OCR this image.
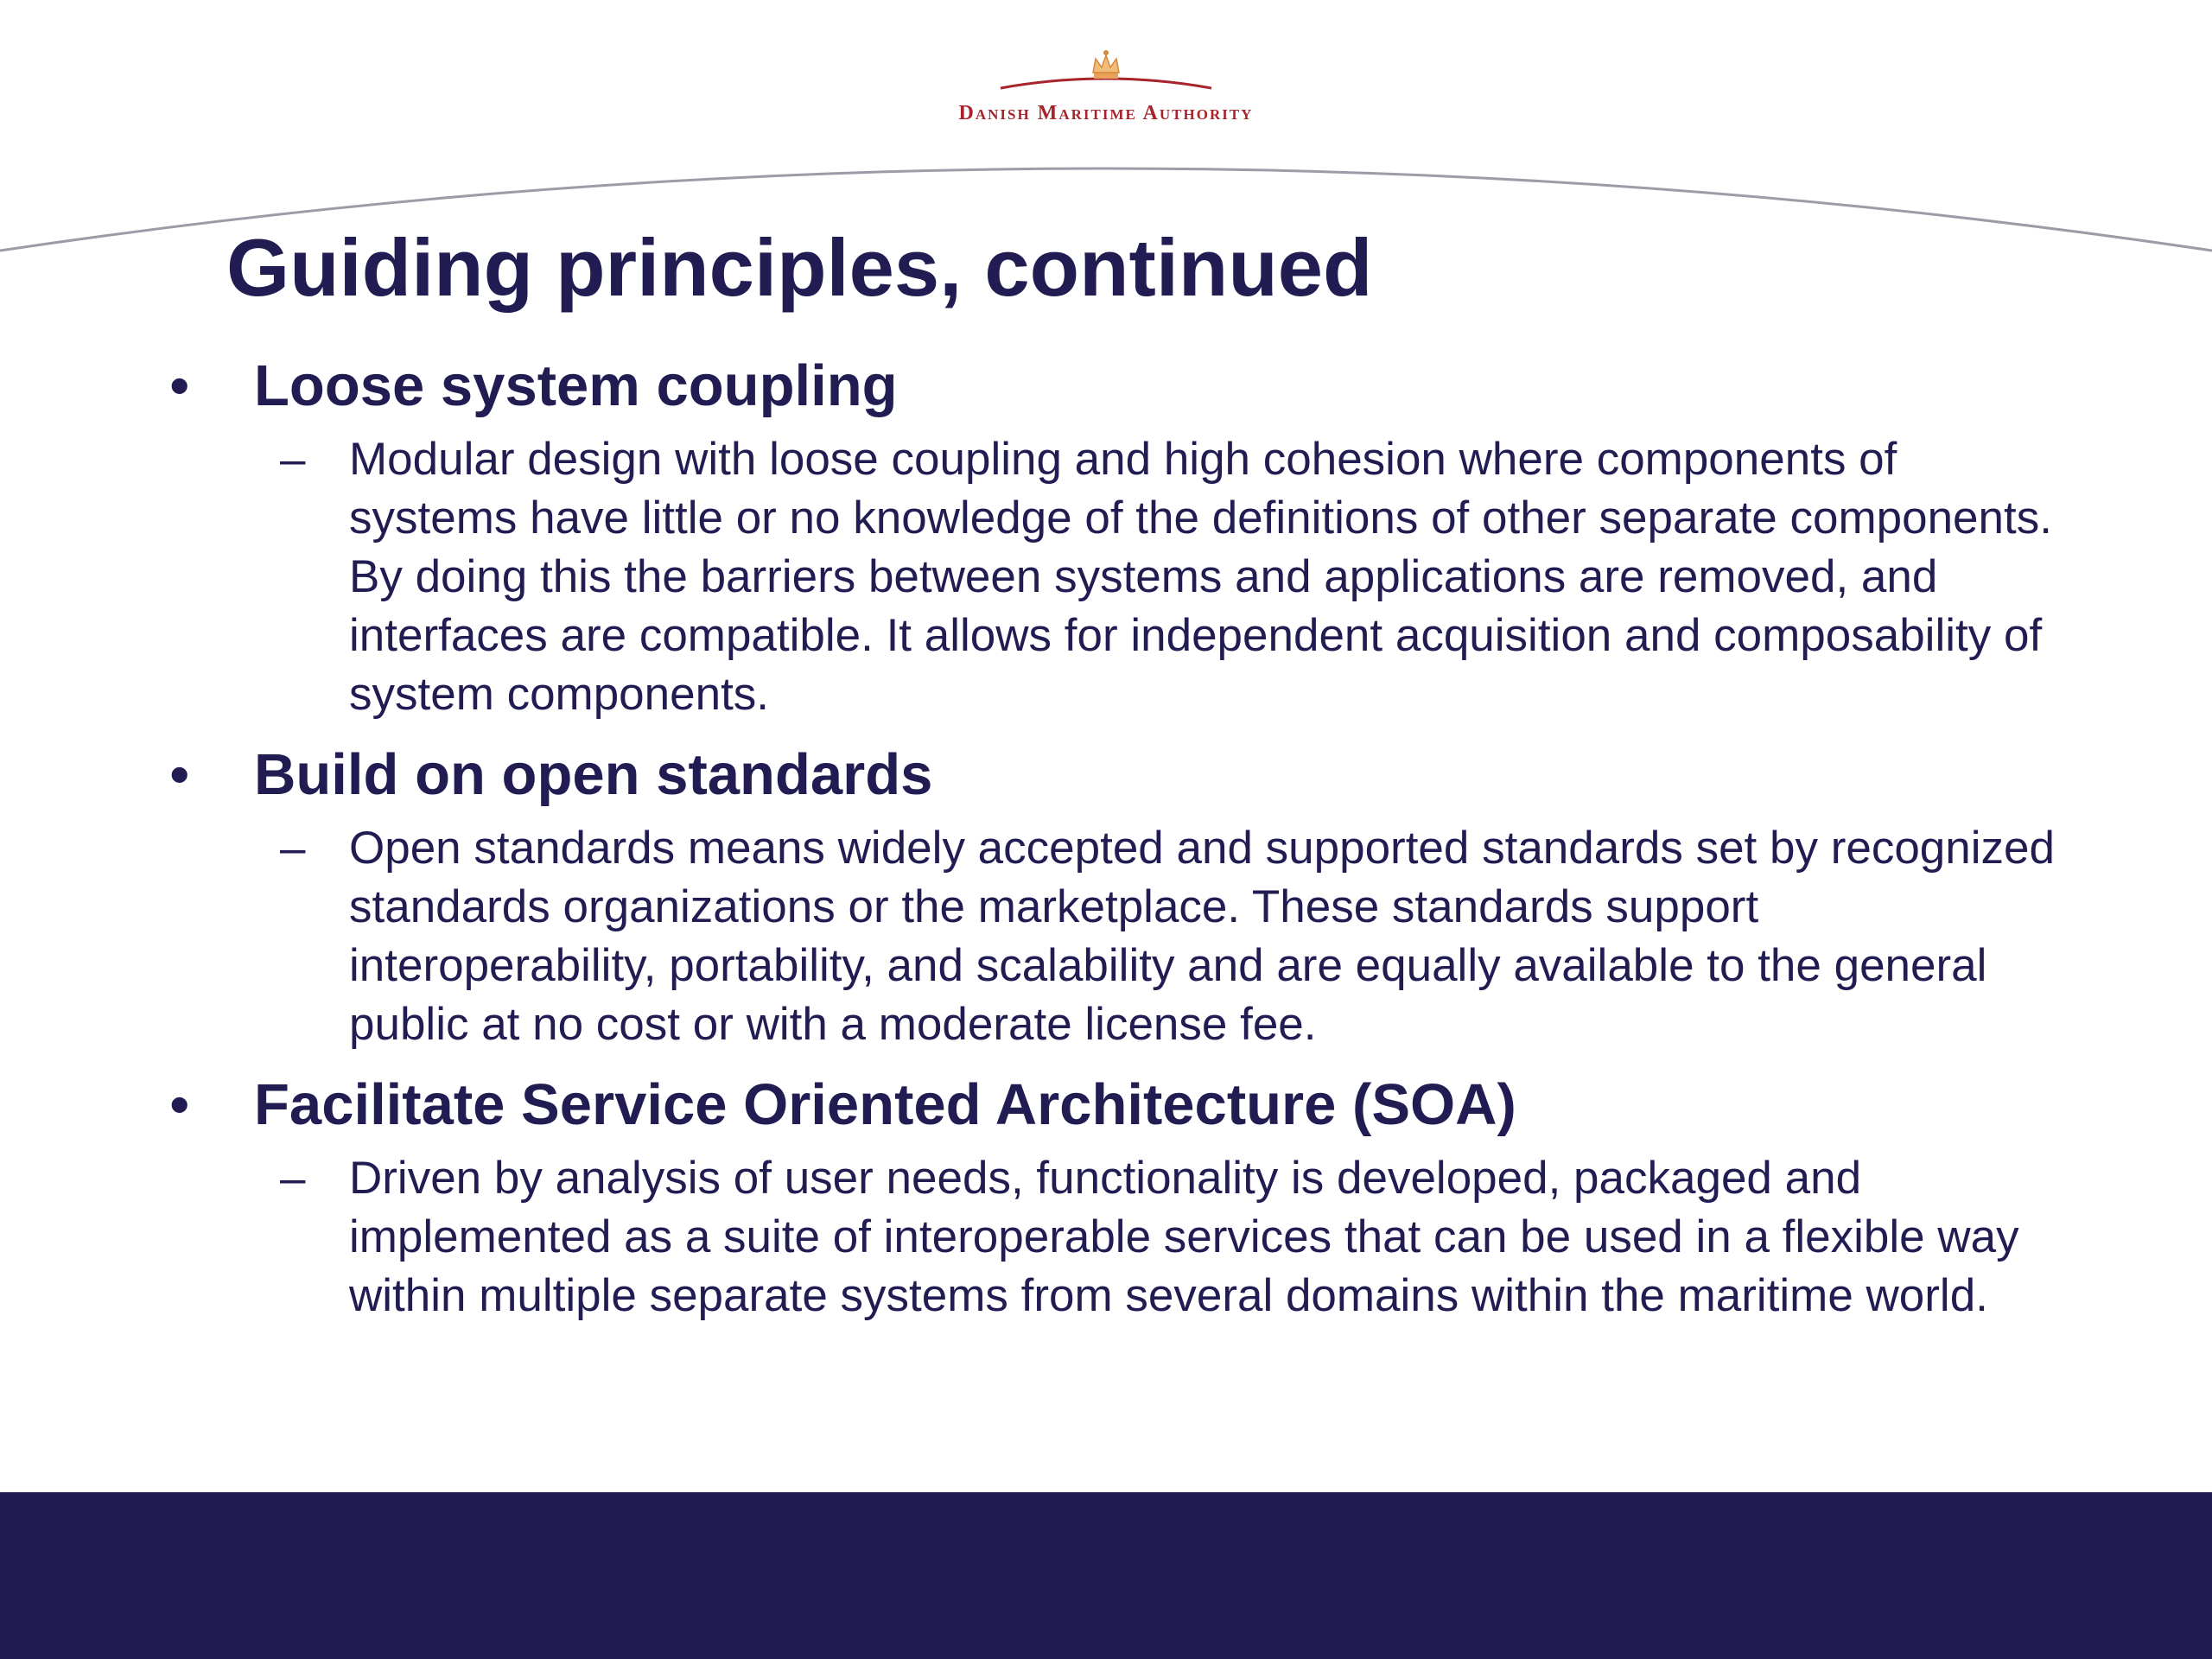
Danish Maritime Authority
Guiding principles, continued
• Loose system coupling
– Modular design with loose coupling and high cohesion where components of systems have little or no knowledge of the definitions of other separate components. By doing this the barriers between systems and applications are removed, and interfaces are compatible. It allows for independent acquisition and composability of system components.
• Build on open standards
– Open standards means widely accepted and supported standards set by recognized standards organizations or the marketplace. These standards support interoperability, portability, and scalability and are equally available to the general public at no cost or with a moderate license fee.
• Facilitate Service Oriented Architecture (SOA)
– Driven by analysis of user needs, functionality is developed, packaged and implemented as a suite of interoperable services that can be used in a flexible way within multiple separate systems from several domains within the maritime world.
